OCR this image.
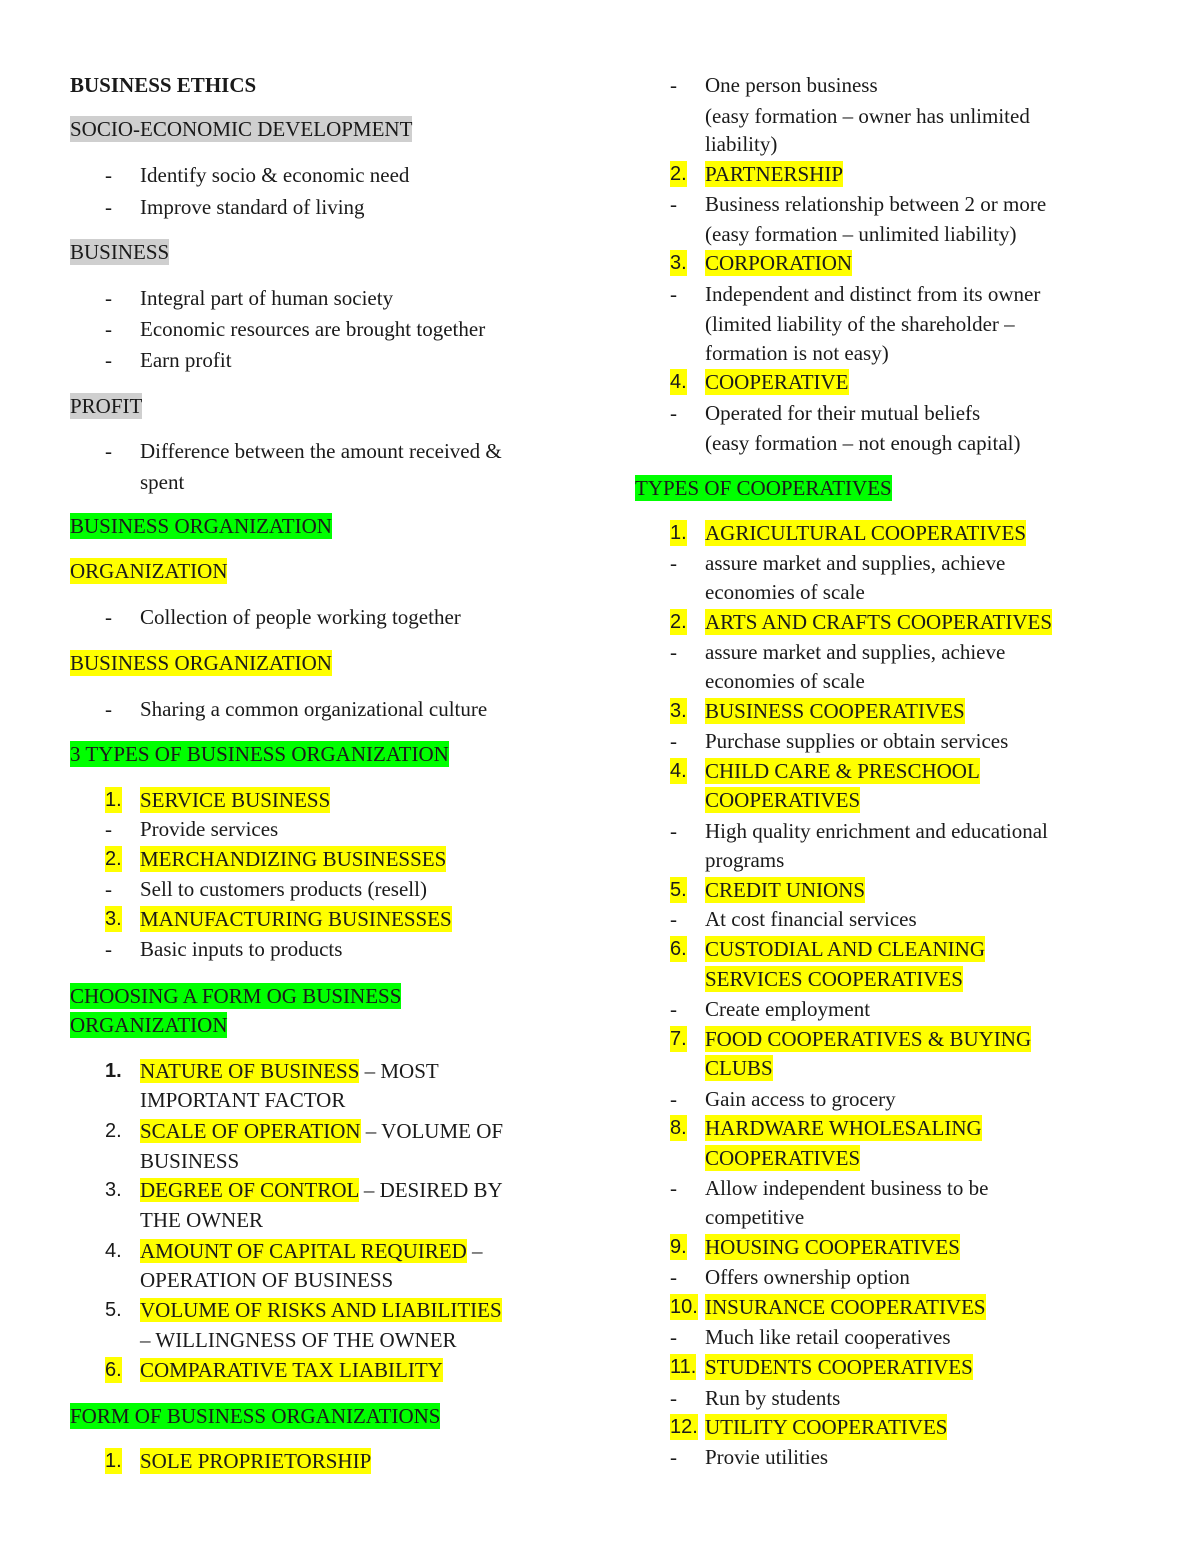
BUSINESS ETHICS
SOCIO-ECONOMIC DEVELOPMENT
- Identify socio & economic need
- Improve standard of living
BUSINESS
- Integral part of human society
- Economic resources are brought together
- Earn profit
PROFIT
- Difference between the amount received &
spent
BUSINESS ORGANIZATION
ORGANIZATION
- Collection of people working together
BUSINESS ORGANIZATION
- Sharing a common organizational culture
3 TYPES OF BUSINESS ORGANIZATION
1. SERVICE BUSINESS
- Provide services
2. MERCHANDIZING BUSINESSES
- Sell to customers products (resell)
3. MANUFACTURING BUSINESSES
- Basic inputs to products
CHOOSING A FORM OG BUSINESS
ORGANIZATION
1. NATURE OF BUSINESS – MOST
IMPORTANT FACTOR
2. SCALE OF OPERATION – VOLUME OF
BUSINESS
3. DEGREE OF CONTROL – DESIRED BY
THE OWNER
4. AMOUNT OF CAPITAL REQUIRED –
OPERATION OF BUSINESS
5. VOLUME OF RISKS AND LIABILITIES
– WILLINGNESS OF THE OWNER
6. COMPARATIVE TAX LIABILITY
FORM OF BUSINESS ORGANIZATIONS
1. SOLE PROPRIETORSHIP
- One person business
(easy formation – owner has unlimited
liability)
2. PARTNERSHIP
- Business relationship between 2 or more
(easy formation – unlimited liability)
3. CORPORATION
- Independent and distinct from its owner
(limited liability of the shareholder –
formation is not easy)
4. COOPERATIVE
- Operated for their mutual beliefs
(easy formation – not enough capital)
TYPES OF COOPERATIVES
1. AGRICULTURAL COOPERATIVES
- assure market and supplies, achieve
economies of scale
2. ARTS AND CRAFTS COOPERATIVES
- assure market and supplies, achieve
economies of scale
3. BUSINESS COOPERATIVES
- Purchase supplies or obtain services
4. CHILD CARE & PRESCHOOL
COOPERATIVES
- High quality enrichment and educational
programs
5. CREDIT UNIONS
- At cost financial services
6. CUSTODIAL AND CLEANING
SERVICES COOPERATIVES
- Create employment
7. FOOD COOPERATIVES & BUYING
CLUBS
- Gain access to grocery
8. HARDWARE WHOLESALING
COOPERATIVES
- Allow independent business to be
competitive
9. HOUSING COOPERATIVES
- Offers ownership option
10. INSURANCE COOPERATIVES
- Much like retail cooperatives
11. STUDENTS COOPERATIVES
- Run by students
12. UTILITY COOPERATIVES
- Provie utilities
